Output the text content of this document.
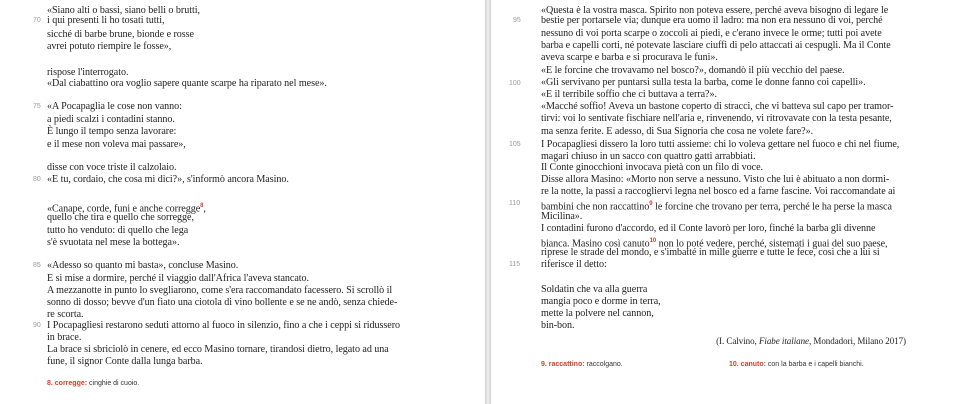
70
75
80
85
90
«Siano alti o bassi, siano belli o brutti,
i qui presenti li ho tosati tutti,
sicché di barbe brune, bionde e rosse
avrei potuto riempire le fosse»,
rispose l'interrogato.
«Dal ciabattino ora voglio sapere quante scarpe ha riparato nel mese».
«A Pocapaglia le cose non vanno:
a piedi scalzi i contadini stanno.
È lungo il tempo senza lavorare:
e il mese non voleva mai passare»,
disse con voce triste il calzolaio.
«E tu, cordaio, che cosa mi dici?», s'informò ancora Masino.
«Canape, corde, funi e anche corregge$^8$,
quello che tira e quello che sorregge,
tutto ho venduto: di quello che lega
s'è svuotata nel mese la bottega».
«Adesso so quanto mi basta», concluse Masino.
E si mise a dormire, perché il viaggio dall'Africa l'aveva stancato.
A mezzanotte in punto lo svegliarono, come s'era raccomandato facessero. Si scrollò il
sonno di dosso; bevve d'un fiato una ciotola di vino bollente e se ne andò, senza chiede-
re scorta.
I Pocapagliesi restarono seduti attorno al fuoco in silenzio, fino a che i ceppi si ridussero
in brace.
La brace si sbriciolò in cenere, ed ecco Masino tornare, tirandosi dietro, legato ad una
fune, il signor Conte dalla lunga barba.
8. corregge: cinghie di cuoio.
95
100
105
110
115
«Questa è la vostra masca. Spirito non poteva essere, perché aveva bisogno di legare le
bestie per portarsele via; dunque era uomo il ladro: ma non era nessuno di voi, perché
nessuno di voi porta scarpe o zoccoli ai piedi, e c'erano invece le orme; tutti poi avete
barba e capelli corti, né potevate lasciare ciuffi di pelo attaccati ai cespugli. Ma il Conte
aveva scarpe e barba e si procurava le funi».
«E le forcine che trovavamo nel bosco?», domandò il più vecchio del paese.
«Gli servivano per puntarsi sulla testa la barba, come le donne fanno coi capelli».
«E il terribile soffio che ci buttava a terra?».
«Macché soffio! Aveva un bastone coperto di stracci, che vi batteva sul capo per tramor-
tirvi: voi lo sentivate fischiare nell'aria e, rinvenendo, vi ritrovavate con la testa pesante,
ma senza ferite. E adesso, di Sua Signoria che cosa ne volete fare?».
I Pocapagliesi dissero la loro tutti assieme: chi lo voleva gettare nel fuoco e chi nel fiume,
magari chiuso in un sacco con quattro gatti arrabbiati.
Il Conte ginocchioni invocava pietà con un filo di voce.
Disse allora Masino: «Morto non serve a nessuno. Visto che lui è abituato a non dormi-
re la notte, la passi a raccogliervi legna nel bosco ed a farne fascine. Voi raccomandate ai
bambini che non raccattino$^9$ le forcine che trovano per terra, perché le ha perse la masca
Micilina».
I contadini furono d'accordo, ed il Conte lavorò per loro, finché la barba gli divenne
bianca. Masino così canuto$^{10}$ non lo poté vedere, perché, sistemati i guai del suo paese,
riprese le strade del mondo, e s'imbatté in mille guerre e tutte le fece, così che a lui si
riferisce il detto:
Soldatin che va alla guerra
mangia poco e dorme in terra,
mette la polvere nel cannon,
bin-bon.
(I. Calvino, Fiabe italiane, Mondadori, Milano 2017)
9. raccattino: raccolgano.	10. canuto: con la barba e i capelli bianchi.
